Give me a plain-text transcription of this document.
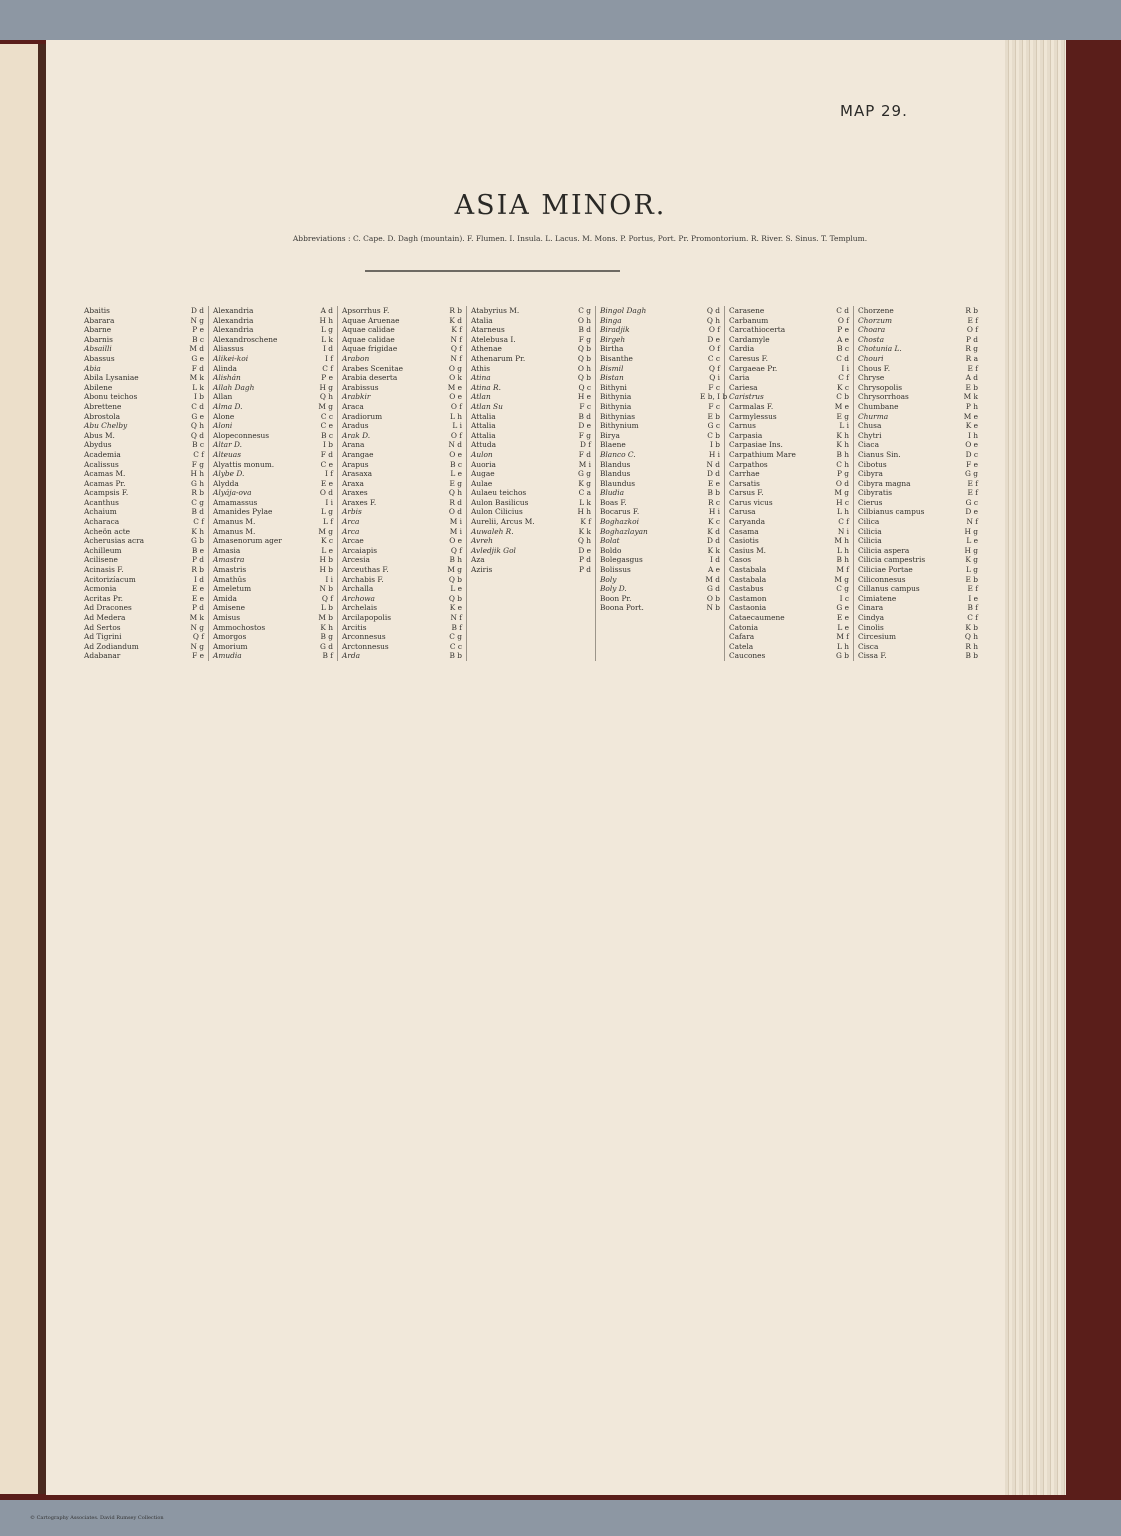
MAP 29.
ASIA MINOR.
Abbreviations : C. Cape. D. Dagh (mountain). F. Flumen. I. Insula. L. Lacus. M. Mons. P. Portus, Port. Pr. Promontorium. R. River. S. Sinus. T. Templum.
Abaitis	D d
Abarara	N g
Abarne	P e
Abarnis	B c
Absailli	M d
Abassus	G e
Abia	F d
Abila Lysaniae	M k
Abilene	L k
Abonu teichos	I b
Abrettene	C d
Abrostola	G e
Abu Chelby	Q h
Abus M.	Q d
Abydus	B c
Academia	C f
Acalissus	F g
Acamas M.	H h
Acamas Pr.	G h
Acampsis F.	R b
Acanthus	C g
Achaium	B d
Acharaca	C f
Acheön acte	K h
Acherusias acra	G b
Achilleum	B e
Acilisene	P d
Acinasis F.	R b
Acitorizíacum	I d
Acmonia	E e
Acritas Pr.	E e
Ad Dracones	P d
Ad Medera	M k
Ad Sertos	N g
Ad Tigrini	Q f
Ad Zodiandum	N g
Adabanar	F e
Alexandria	A d
Alexandria	H h
Alexandria	L g
Alexandroschene	L k
Aliassus	I d
Alikei-koi	I f
Alinda	C f
Alishán	P e
Allah Dagh	H g
Allan	Q h
Alma D.	M g
Alone	C c
Aloni	C e
Alopeconnesus	B c
Altar D.	I b
Alteuas	F d
Alyattis monum.	C e
Alybe D.	I f
Alydda	E e
Alyája-ova	O d
Amamassus	I i
Amanides Pylae	L g
Amanus M.	L f
Amanus M.	M g
Amasenorum ager	K c
Amasia	L e
Amastra	H b
Amastris	H b
Amathûs	I i
Ameletum	N b
Amida	Q f
Amisene	L b
Amisus	M b
Ammochostos	K h
Amorgos	B g
Amorium	G d
Amudia	B f
Apsorrhus F.	R b
Aquae Aruenae	K d
Aquae calidae	K f
Aquae calidae	N f
Aquae frigidae	Q f
Arabon	N f
Arabes Scenitae	O g
Arabia deserta	O k
Arabissus	M e
Arabkir	O e
Araca	O f
Aradiorum	L h
Aradus	L i
Arak D.	O f
Arana	N d
Arangae	O e
Arapus	B c
Arasaxa	L e
Araxa	E g
Araxes	Q h
Araxes F.	R d
Arbis	O d
Arca	M i
Arca	M i
Arcae	O e
Arcaiapis	Q f
Arcesia	B h
Arceuthas F.	M g
Archabis F.	Q b
Archalla	L e
Archowa	Q b
Archelais	K e
Arcilapopolis	N f
Arcitis	B f
Arconnesus	C g
Arctonnesus	C c
Arda	B b
Atabyrius M.	C g
Atalia	O h
Atarneus	B d
Atelebusa I.	F g
Athenae	Q b
Athenarum Pr.	Q b
Athis	O h
Atina	Q b
Atina R.	Q c
Atlan	H e
Atlan Su	F c
Attalia	B d
Attalia	D e
Attalia	F g
Attuda	D f
Aulon	F d
Auoria	M i
Augae	G g
Aulae	K g
Aulaeu teichos	C a
Aulon Basilicus	L k
Aulon Cilicius	H h
Aurelii, Arcus M.	K f
Auwaleh R.	K k
Avreh	Q h
Avledjik Gol	D e
Aza	P d
Aziris	P d
Bingol Dagh	Q d
Binga	Q h
Biradjik	O f
Birgeh	D e
Birtha	O f
Bisanthe	C c
Bismil	Q f
Bistan	Q i
Bithyni	F c
Bithynia	E b, I b
Bithynia	F c
Bithynias	E b
Bithynium	G c
Birya	C b
Blaene	I b
Blanco C.	H i
Blandus	N d
Blandus	D d
Blaundus	E e
Bludia	B b
Boas F.	R c
Bocarus F.	H i
Boghazkoi	K c
Boghazlayan	K d
Bolat	D d
Boldo	K k
Bolegasgus	I d
Bolissus	A e
Boly	M d
Boly D.	G d
Boon Pr.	O b
Boona Port.	N b
Carasene	C d
Carbanum	O f
Carcathiocerta	P e
Cardamyle	A e
Cardia	B c
Caresus F.	C d
Cargaeae Pr.	I i
Caria	C f
Cariesa	K c
Caristrus	C b
Carmalas F.	M e
Carmylessus	E g
Carnus	L i
Carpasia	K h
Carpasiae Ins.	K h
Carpathium Mare	B h
Carpathos	C h
Carrhae	P g
Carsatis	O d
Carsus F.	M g
Carus vicus	H c
Carusa	L h
Caryanda	C f
Casama	N i
Casiotis	M h
Casius M.	L h
Casos	B h
Castabala	M f
Castabala	M g
Castabus	C g
Castamon	I c
Castaonia	G e
Cataecaumene	E e
Catonia	L e
Cafara	M f
Catela	L h
Caucones	G b
Chorzene	R b
Chorzum	E f
Choara	O f
Chosta	P d
Chotunia L.	R g
Chouri	R a
Chous F.	E f
Chryse	A d
Chrysopolis	E b
Chrysorrhoas	M k
Chumbane	P h
Churma	M e
Chusa	K e
Chytri	I h
Ciaca	O e
Cianus Sin.	D c
Cibotus	F e
Cibyra	G g
Cibyra magna	E f
Cibyratis	E f
Cierus	G c
Cilbianus campus	D e
Cilica	N f
Cilicia	H g
Cilicia	L e
Cilicia aspera	H g
Cilicia campestris	K g
Ciliciae Portae	L g
Ciliconnesus	E b
Cillanus campus	E f
Cimiatene	I e
Cinara	B f
Cindya	C f
Cinolis	K b
Circesium	Q h
Cisca	R h
Cissa F.	B b
© Cartography Associates. David Rumsey Collection
